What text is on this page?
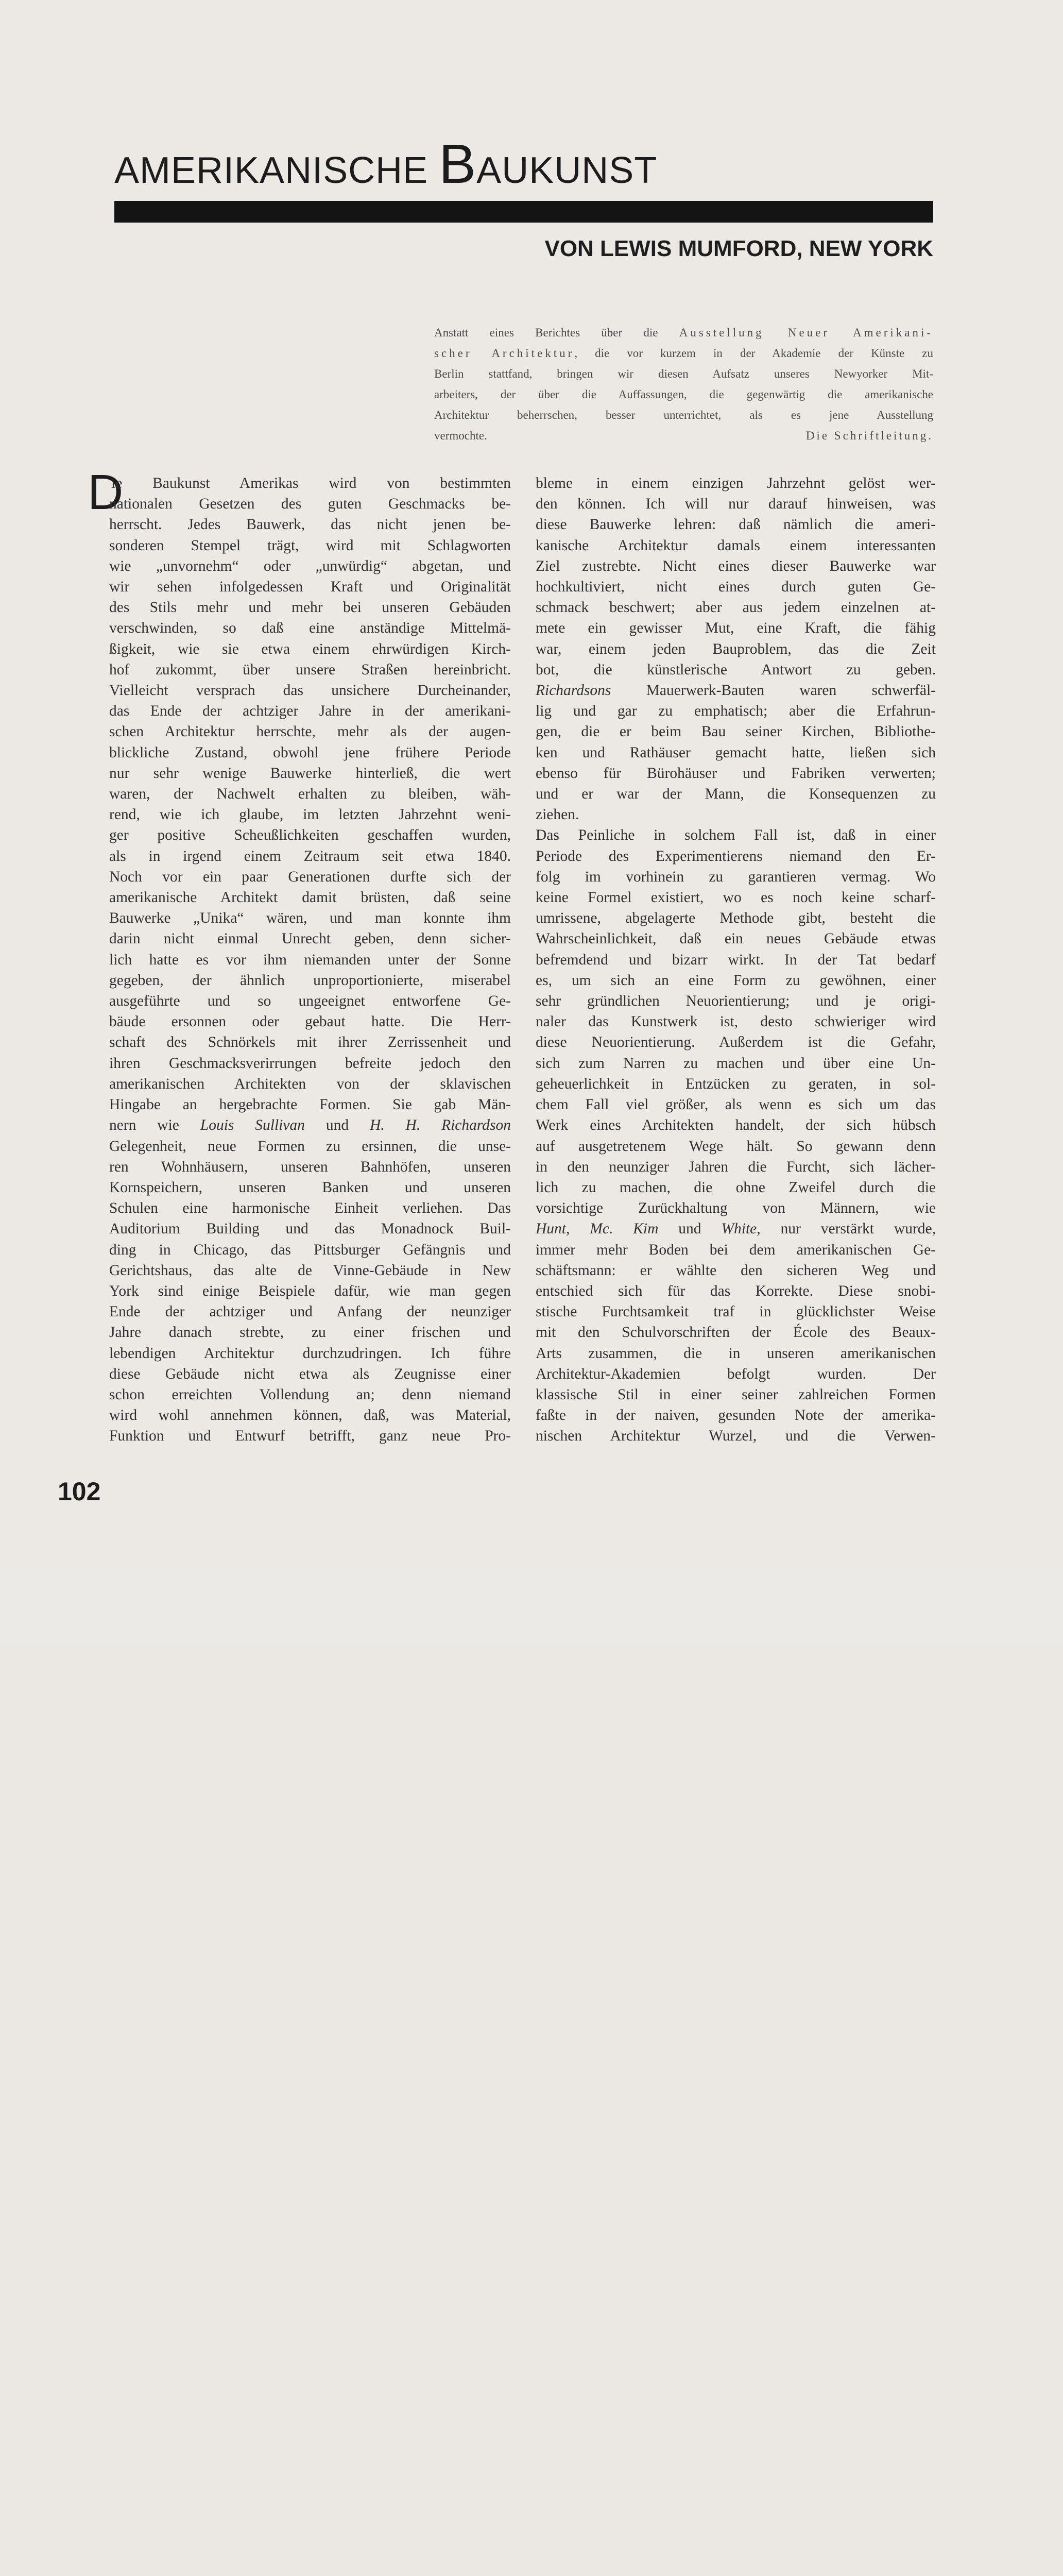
AMERIKANISCHE BAUKUNST
VON LEWIS MUMFORD, NEW YORK
Anstatt eines Berichtes über die Ausstellung Neuer Amerikani-
scher Architektur, die vor kurzem in der Akademie der Künste zu
Berlin stattfand, bringen wir diesen Aufsatz unseres Newyorker Mit-
arbeiters, der über die Auffassungen, die gegenwärtig die amerikanische
Architektur beherrschen, besser unterrichtet, als es jene Ausstellung
vermochte.	Die Schriftleitung.
D
ie Baukunst Amerikas wird von bestimmten
nationalen Gesetzen des guten Geschmacks be-
herrscht. Jedes Bauwerk, das nicht jenen be-
sonderen Stempel trägt, wird mit Schlagworten
wie „unvornehm“ oder „unwürdig“ abgetan, und
wir sehen infolgedessen Kraft und Originalität
des Stils mehr und mehr bei unseren Gebäuden
verschwinden, so daß eine anständige Mittelmä-
ßigkeit, wie sie etwa einem ehrwürdigen Kirch-
hof zukommt, über unsere Straßen hereinbricht.
Vielleicht versprach das unsichere Durcheinander,
das Ende der achtziger Jahre in der amerikani-
schen Architektur herrschte, mehr als der augen-
blickliche Zustand, obwohl jene frühere Periode
nur sehr wenige Bauwerke hinterließ, die wert
waren, der Nachwelt erhalten zu bleiben, wäh-
rend, wie ich glaube, im letzten Jahrzehnt weni-
ger positive Scheußlichkeiten geschaffen wurden,
als in irgend einem Zeitraum seit etwa 1840.
Noch vor ein paar Generationen durfte sich der
amerikanische Architekt damit brüsten, daß seine
Bauwerke „Unika“ wären, und man konnte ihm
darin nicht einmal Unrecht geben, denn sicher-
lich hatte es vor ihm niemanden unter der Sonne
gegeben, der ähnlich unproportionierte, miserabel
ausgeführte und so ungeeignet entworfene Ge-
bäude ersonnen oder gebaut hatte. Die Herr-
schaft des Schnörkels mit ihrer Zerrissenheit und
ihren Geschmacksverirrungen befreite jedoch den
amerikanischen Architekten von der sklavischen
Hingabe an hergebrachte Formen. Sie gab Män-
nern wie Louis Sullivan und H. H. Richardson
Gelegenheit, neue Formen zu ersinnen, die unse-
ren Wohnhäusern, unseren Bahnhöfen, unseren
Kornspeichern, unseren Banken und unseren
Schulen eine harmonische Einheit verliehen. Das
Auditorium Building und das Monadnock Buil-
ding in Chicago, das Pittsburger Gefängnis und
Gerichtshaus, das alte de Vinne-Gebäude in New
York sind einige Beispiele dafür, wie man gegen
Ende der achtziger und Anfang der neunziger
Jahre danach strebte, zu einer frischen und
lebendigen Architektur durchzudringen. Ich führe
diese Gebäude nicht etwa als Zeugnisse einer
schon erreichten Vollendung an; denn niemand
wird wohl annehmen können, daß, was Material,
Funktion und Entwurf betrifft, ganz neue Pro-
bleme in einem einzigen Jahrzehnt gelöst wer-
den können. Ich will nur darauf hinweisen, was
diese Bauwerke lehren: daß nämlich die ameri-
kanische Architektur damals einem interessanten
Ziel zustrebte. Nicht eines dieser Bauwerke war
hochkultiviert, nicht eines durch guten Ge-
schmack beschwert; aber aus jedem einzelnen at-
mete ein gewisser Mut, eine Kraft, die fähig
war, einem jeden Bauproblem, das die Zeit
bot, die künstlerische Antwort zu geben.
Richardsons Mauerwerk-Bauten waren schwerfäl-
lig und gar zu emphatisch; aber die Erfahrun-
gen, die er beim Bau seiner Kirchen, Bibliothe-
ken und Rathäuser gemacht hatte, ließen sich
ebenso für Bürohäuser und Fabriken verwerten;
und er war der Mann, die Konsequenzen zu
ziehen.
Das Peinliche in solchem Fall ist, daß in einer
Periode des Experimentierens niemand den Er-
folg im vorhinein zu garantieren vermag. Wo
keine Formel existiert, wo es noch keine scharf-
umrissene, abgelagerte Methode gibt, besteht die
Wahrscheinlichkeit, daß ein neues Gebäude etwas
befremdend und bizarr wirkt. In der Tat bedarf
es, um sich an eine Form zu gewöhnen, einer
sehr gründlichen Neuorientierung; und je origi-
naler das Kunstwerk ist, desto schwieriger wird
diese Neuorientierung. Außerdem ist die Gefahr,
sich zum Narren zu machen und über eine Un-
geheuerlichkeit in Entzücken zu geraten, in sol-
chem Fall viel größer, als wenn es sich um das
Werk eines Architekten handelt, der sich hübsch
auf ausgetretenem Wege hält. So gewann denn
in den neunziger Jahren die Furcht, sich lächer-
lich zu machen, die ohne Zweifel durch die
vorsichtige Zurückhaltung von Männern, wie
Hunt, Mc. Kim und White, nur verstärkt wurde,
immer mehr Boden bei dem amerikanischen Ge-
schäftsmann: er wählte den sicheren Weg und
entschied sich für das Korrekte. Diese snobi-
stische Furchtsamkeit traf in glücklichster Weise
mit den Schulvorschriften der École des Beaux-
Arts zusammen, die in unseren amerikanischen
Architektur-Akademien befolgt wurden. Der
klassische Stil in einer seiner zahlreichen Formen
faßte in der naiven, gesunden Note der amerika-
nischen Architektur Wurzel, und die Verwen-
102
